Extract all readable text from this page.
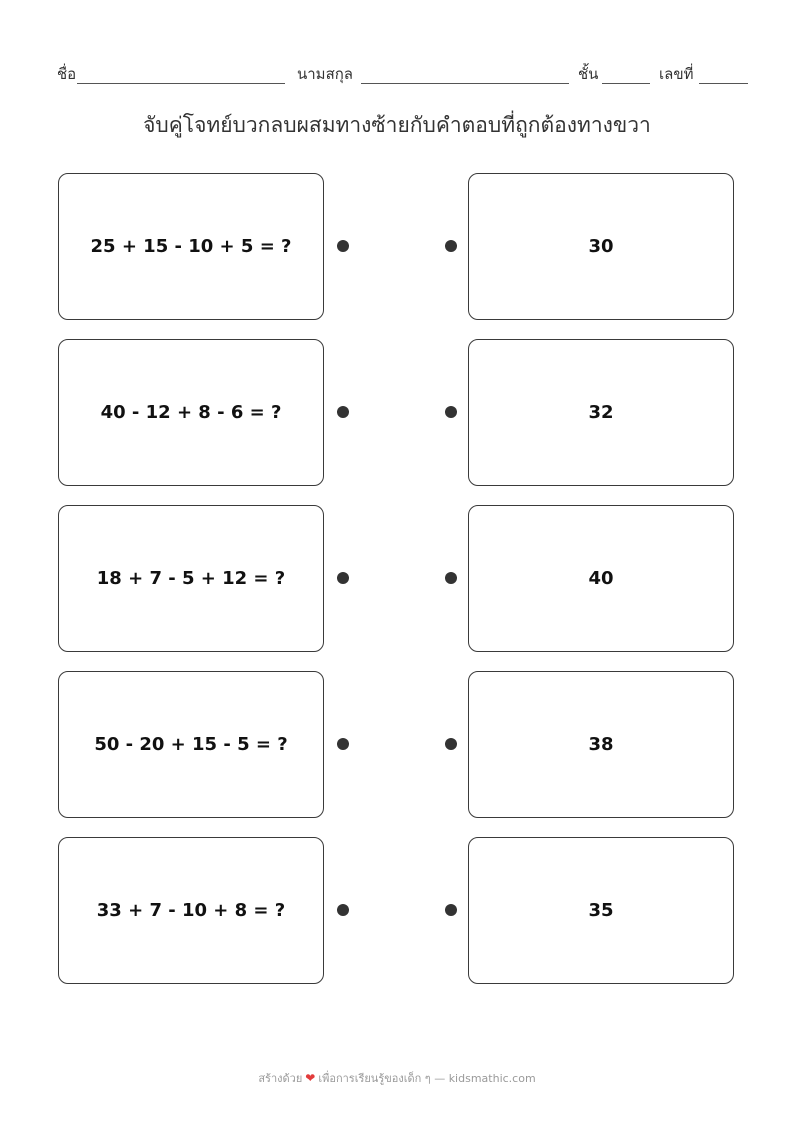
ชื่อ	นามสกุล	ชั้น	เลขที่
จับคู่โจทย์บวกลบผสมทางซ้ายกับคำตอบที่ถูกต้องทางขวา
25 + 15 - 10 + 5 = ?	30
40 - 12 + 8 - 6 = ?	32
18 + 7 - 5 + 12 = ?	40
50 - 20 + 15 - 5 = ?	38
33 + 7 - 10 + 8 = ?	35
สร้างด้วย ❤ เพื่อการเรียนรู้ของเด็ก ๆ — kidsmathic.com
